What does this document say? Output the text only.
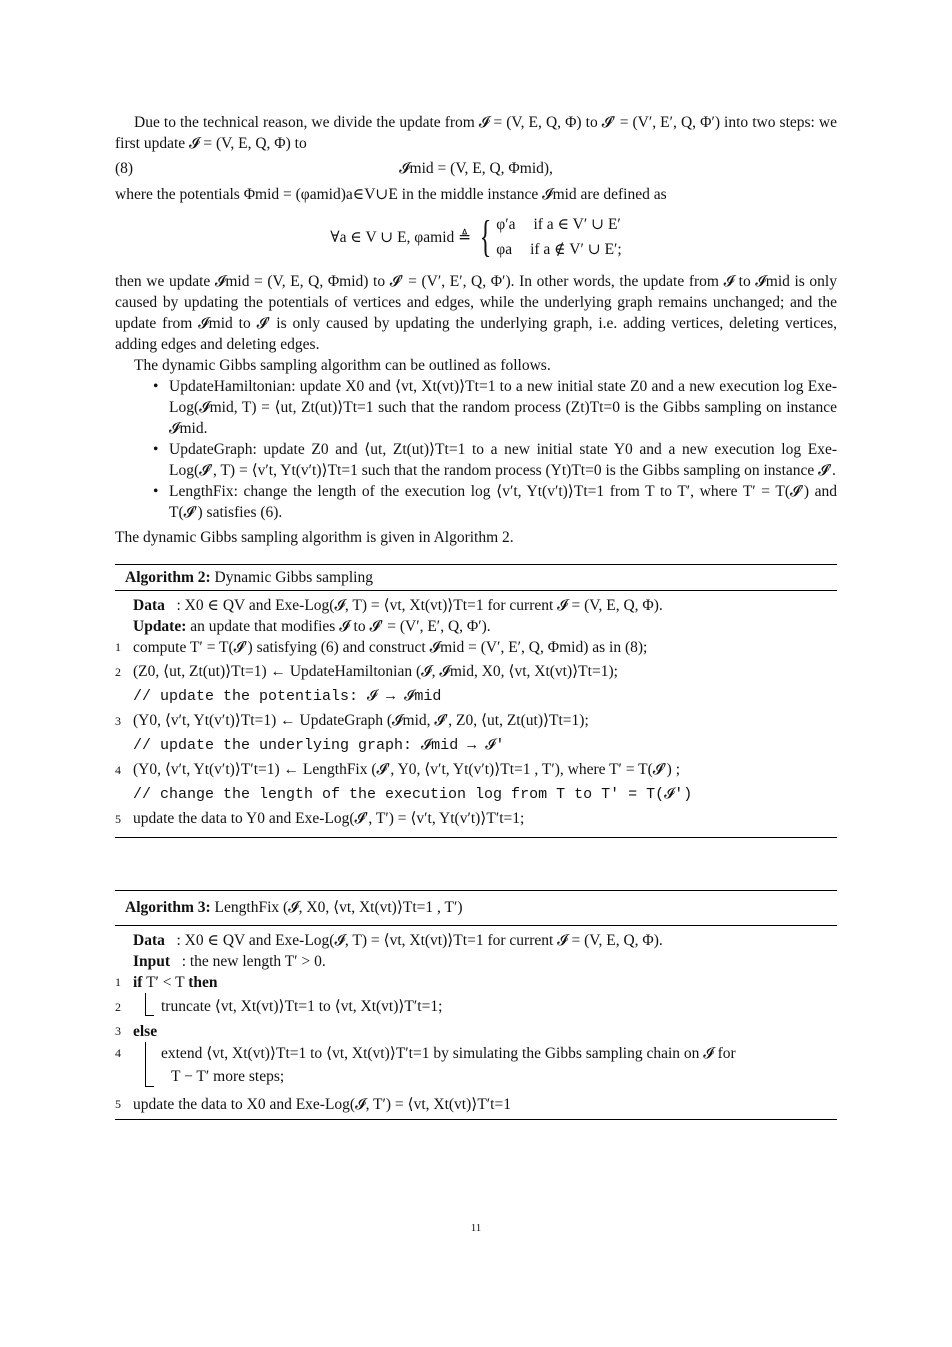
Due to the technical reason, we divide the update from 𝓘 = (V, E, Q, Φ) to 𝓘′ = (V′, E′, Q, Φ′) into two steps: we first update 𝓘 = (V, E, Q, Φ) to

(8)	𝓘mid = (V, E, Q, Φmid),

where the potentials Φmid = (φamid)a∈V∪E in the middle instance 𝓘mid are defined as

∀a ∈ V ∪ E, φamid ≜ { φ′a if a ∈ V′ ∪ E′
φa if a ∉ V′ ∪ E′;

then we update 𝓘mid = (V, E, Q, Φmid) to 𝓘′ = (V′, E′, Q, Φ′). In other words, the update from 𝓘 to 𝓘mid is only caused by updating the potentials of vertices and edges, while the underlying graph remains unchanged; and the update from 𝓘mid to 𝓘′ is only caused by updating the underlying graph, i.e. adding vertices, deleting vertices, adding edges and deleting edges.

The dynamic Gibbs sampling algorithm can be outlined as follows.

• UpdateHamiltonian: update X0 and ⟨vt, Xt(vt)⟩Tt=1 to a new initial state Z0 and a new execution log Exe-Log(𝓘mid, T) = ⟨ut, Zt(ut)⟩Tt=1 such that the random process (Zt)Tt=0 is the Gibbs sampling on instance 𝓘mid.
• UpdateGraph: update Z0 and ⟨ut, Zt(ut)⟩Tt=1 to a new initial state Y0 and a new execution log Exe-Log(𝓘′, T) = ⟨v′t, Yt(v′t)⟩Tt=1 such that the random process (Yt)Tt=0 is the Gibbs sampling on instance 𝓘′.
• LengthFix: change the length of the execution log ⟨v′t, Yt(v′t)⟩Tt=1 from T to T′, where T′ = T(𝓘′) and T(𝓘′) satisfies (6).

The dynamic Gibbs sampling algorithm is given in Algorithm 2.

Algorithm 2: Dynamic Gibbs sampling
Data : X0 ∈ QV and Exe-Log(𝓘, T) = ⟨vt, Xt(vt)⟩Tt=1 for current 𝓘 = (V, E, Q, Φ).
Update: an update that modifies 𝓘 to 𝓘′ = (V′, E′, Q, Φ′).
1 compute T′ = T(𝓘′) satisfying (6) and construct 𝓘mid = (V′, E′, Q, Φmid) as in (8);
2 (Z0, ⟨ut, Zt(ut)⟩Tt=1) ← UpdateHamiltonian (𝓘, 𝓘mid, X0, ⟨vt, Xt(vt)⟩Tt=1);
// update the potentials: 𝓘 → 𝓘mid
3 (Y0, ⟨v′t, Yt(v′t)⟩Tt=1) ← UpdateGraph (𝓘mid, 𝓘′, Z0, ⟨ut, Zt(ut)⟩Tt=1);
// update the underlying graph: 𝓘mid → 𝓘′
4 (Y0, ⟨v′t, Yt(v′t)⟩T′t=1) ← LengthFix (𝓘′, Y0, ⟨v′t, Yt(v′t)⟩Tt=1 , T′), where T′ = T(𝓘′) ;
// change the length of the execution log from T to T′ = T(𝓘′)
5 update the data to Y0 and Exe-Log(𝓘′, T′) = ⟨v′t, Yt(v′t)⟩T′t=1;
Algorithm 3: LengthFix (𝓘, X0, ⟨vt, Xt(vt)⟩Tt=1 , T′)
Data : X0 ∈ QV and Exe-Log(𝓘, T) = ⟨vt, Xt(vt)⟩Tt=1 for current 𝓘 = (V, E, Q, Φ).
Input : the new length T′ > 0.
1 if T′ < T then
2	truncate ⟨vt, Xt(vt)⟩Tt=1 to ⟨vt, Xt(vt)⟩T′t=1;
3 else
4	extend ⟨vt, Xt(vt)⟩Tt=1 to ⟨vt, Xt(vt)⟩T′t=1 by simulating the Gibbs sampling chain on 𝓘 for
T − T′ more steps;
5 update the data to X0 and Exe-Log(𝓘, T′) = ⟨vt, Xt(vt)⟩T′t=1
11
